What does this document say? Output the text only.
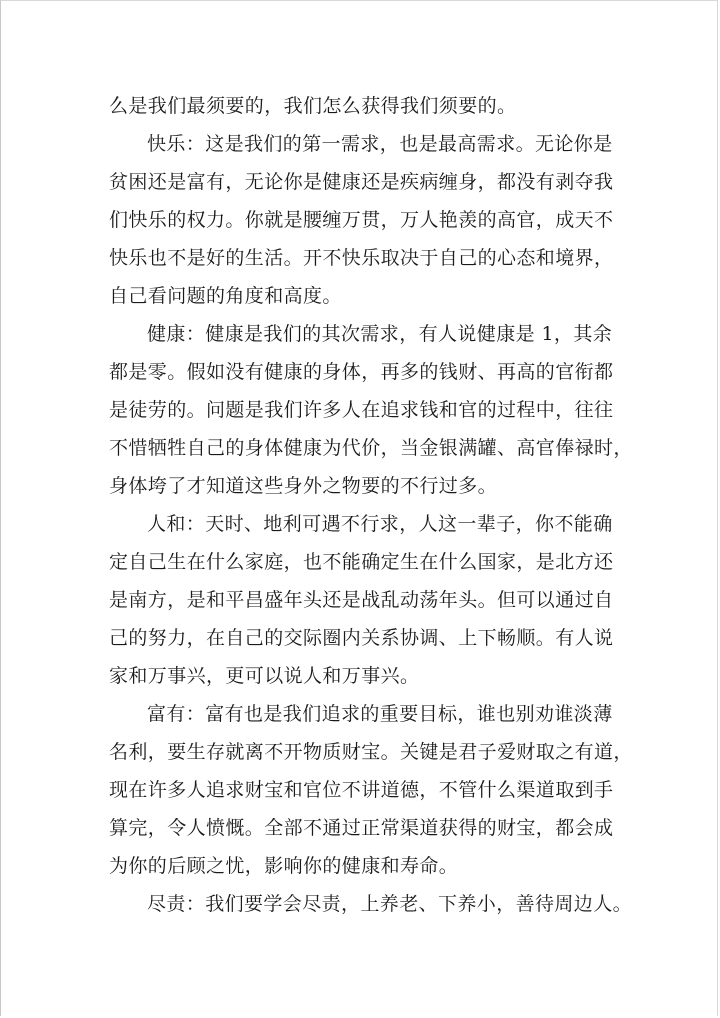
么是我们最须要的，我们怎么获得我们须要的。
快乐：这是我们的第一需求，也是最高需求。无论你是
贫困还是富有，无论你是健康还是疾病缠身，都没有剥夺我
们快乐的权力。你就是腰缠万贯，万人艳羡的高官，成天不
快乐也不是好的生活。开不快乐取决于自己的心态和境界，
自己看问题的角度和高度。
健康：健康是我们的其次需求，有人说健康是 1，其余
都是零。假如没有健康的身体，再多的钱财、再高的官衔都
是徒劳的。问题是我们许多人在追求钱和官的过程中，往往
不惜牺牲自己的身体健康为代价，当金银满罐、高官俸禄时，
身体垮了才知道这些身外之物要的不行过多。
人和：天时、地利可遇不行求，人这一辈子，你不能确
定自己生在什么家庭，也不能确定生在什么国家，是北方还
是南方，是和平昌盛年头还是战乱动荡年头。但可以通过自
己的努力，在自己的交际圈内关系协调、上下畅顺。有人说
家和万事兴，更可以说人和万事兴。
富有：富有也是我们追求的重要目标，谁也别劝谁淡薄
名利，要生存就离不开物质财宝。关键是君子爱财取之有道，
现在许多人追求财宝和官位不讲道德，不管什么渠道取到手
算完，令人愤慨。全部不通过正常渠道获得的财宝，都会成
为你的后顾之忧，影响你的健康和寿命。
尽责：我们要学会尽责，上养老、下养小，善待周边人。
